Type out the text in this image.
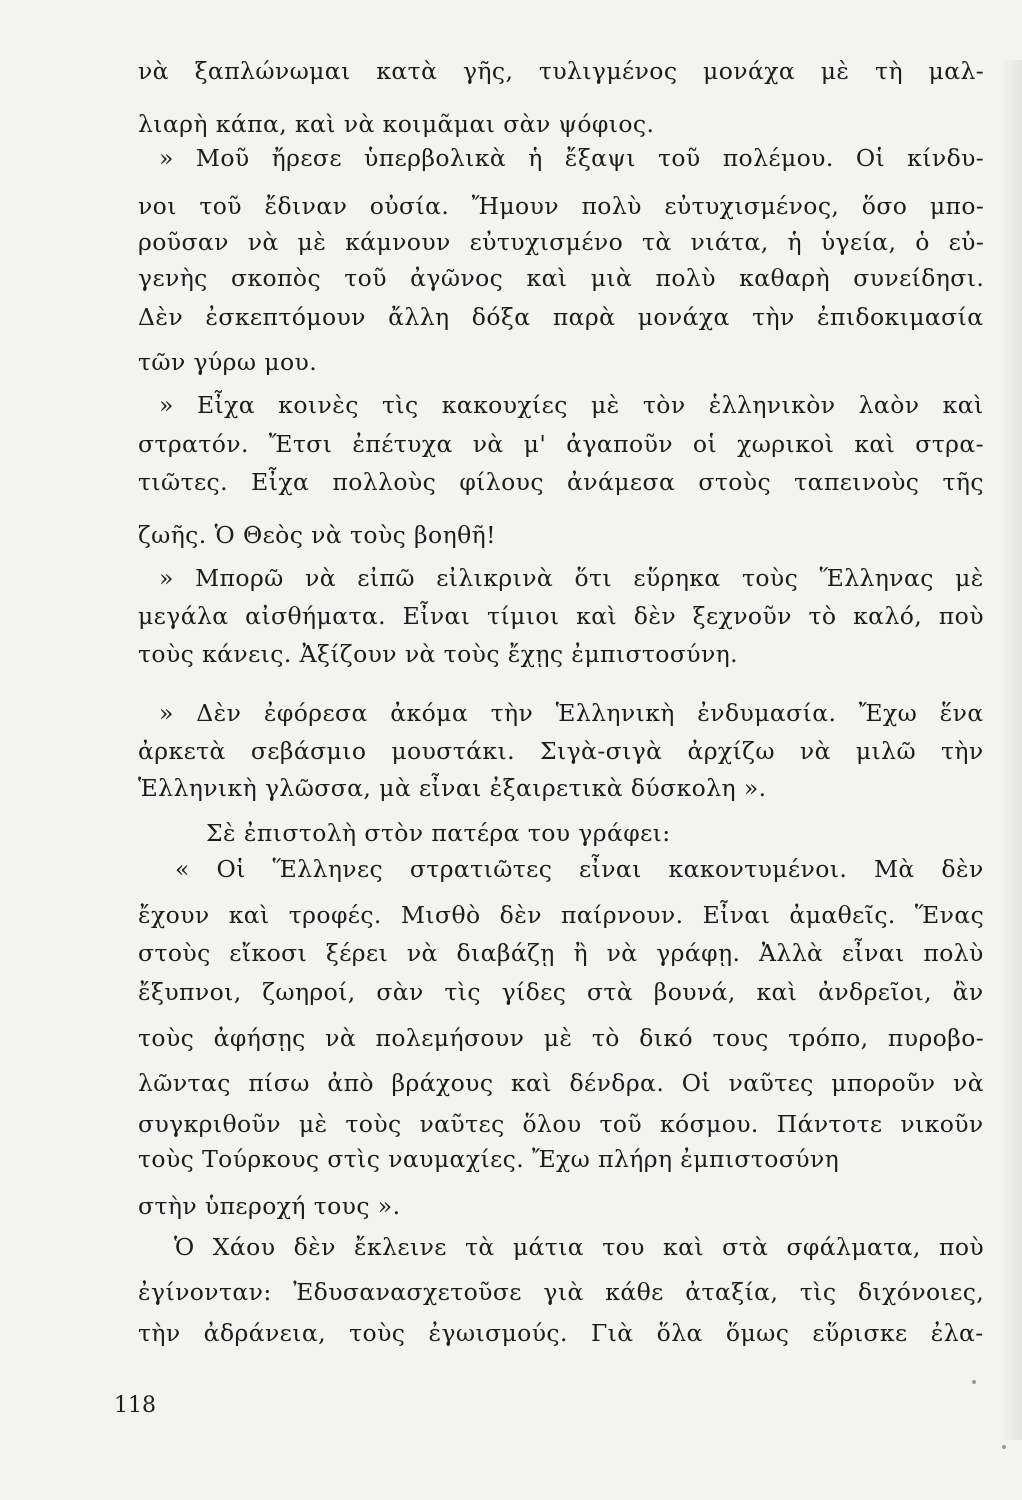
νὰ ξαπλώνωμαι κατὰ γῆς, τυλιγμένος μονάχα μὲ τὴ μαλ-
λιαρὴ κάπα, καὶ νὰ κοιμᾶμαι σὰν ψόφιος.
» Μοῦ ἤρεσε ὑπερβολικὰ ἡ ἔξαψι τοῦ πολέμου. Οἱ κίνδυ-
νοι τοῦ ἔδιναν οὐσία. Ἤμουν πολὺ εὐτυχισμένος, ὅσο μπο-
ροῦσαν νὰ μὲ κάμνουν εὐτυχισμένο τὰ νιάτα, ἡ ὑγεία, ὁ εὐ-
γενὴς σκοπὸς τοῦ ἀγῶνος καὶ μιὰ πολὺ καθαρὴ συνείδησι.
Δὲν ἐσκεπτόμουν ἄλλη δόξα παρὰ μονάχα τὴν ἐπιδοκιμασία
τῶν γύρω μου.
» Εἶχα κοινὲς τὶς κακουχίες μὲ τὸν ἑλληνικὸν λαὸν καὶ
στρατόν. Ἔτσι ἐπέτυχα νὰ μ' ἀγαποῦν οἱ χωρικοὶ καὶ στρα-
τιῶτες. Εἶχα πολλοὺς φίλους ἀνάμεσα στοὺς ταπεινοὺς τῆς
ζωῆς. Ὁ Θεὸς νὰ τοὺς βοηθῆ!
» Μπορῶ νὰ εἰπῶ εἰλικρινὰ ὅτι εὕρηκα τοὺς Ἕλληνας μὲ
μεγάλα αἰσθήματα. Εἶναι τίμιοι καὶ δὲν ξεχνοῦν τὸ καλό, ποὺ
τοὺς κάνεις. Ἀξίζουν νὰ τοὺς ἔχῃς ἐμπιστοσύνη.
» Δὲν ἐφόρεσα ἀκόμα τὴν Ἑλληνικὴ ἐνδυμασία. Ἔχω ἕνα
ἀρκετὰ σεβάσμιο μουστάκι. Σιγὰ-σιγὰ ἀρχίζω νὰ μιλῶ τὴν
Ἑλληνικὴ γλῶσσα, μὰ εἶναι ἐξαιρετικὰ δύσκολη ».
Σὲ ἐπιστολὴ στὸν πατέρα του γράφει:
« Οἱ Ἕλληνες στρατιῶτες εἶναι κακοντυμένοι. Μὰ δὲν
ἔχουν καὶ τροφές. Μισθὸ δὲν παίρνουν. Εἶναι ἀμαθεῖς. Ἕνας
στοὺς εἴκοσι ξέρει νὰ διαβάζῃ ἢ νὰ γράφῃ. Ἀλλὰ εἶναι πολὺ
ἔξυπνοι, ζωηροί, σὰν τὶς γίδες στὰ βουνά, καὶ ἀνδρεῖοι, ἂν
τοὺς ἀφήσῃς νὰ πολεμήσουν μὲ τὸ δικό τους τρόπο, πυροβο-
λῶντας πίσω ἀπὸ βράχους καὶ δένδρα. Οἱ ναῦτες μποροῦν νὰ
συγκριθοῦν μὲ τοὺς ναῦτες ὅλου τοῦ κόσμου. Πάντοτε νικοῦν
τοὺς Τούρκους στὶς ναυμαχίες. Ἔχω πλήρη ἐμπιστοσύνη
στὴν ὑπεροχή τους ».
Ὁ Χάου δὲν ἔκλεινε τὰ μάτια του καὶ στὰ σφάλματα, ποὺ
ἐγίνονταν: Ἐδυσανασχετοῦσε γιὰ κάθε ἀταξία, τὶς διχόνοιες,
τὴν ἀδράνεια, τοὺς ἐγωισμούς. Γιὰ ὅλα ὅμως εὕρισκε ἐλα-
118
